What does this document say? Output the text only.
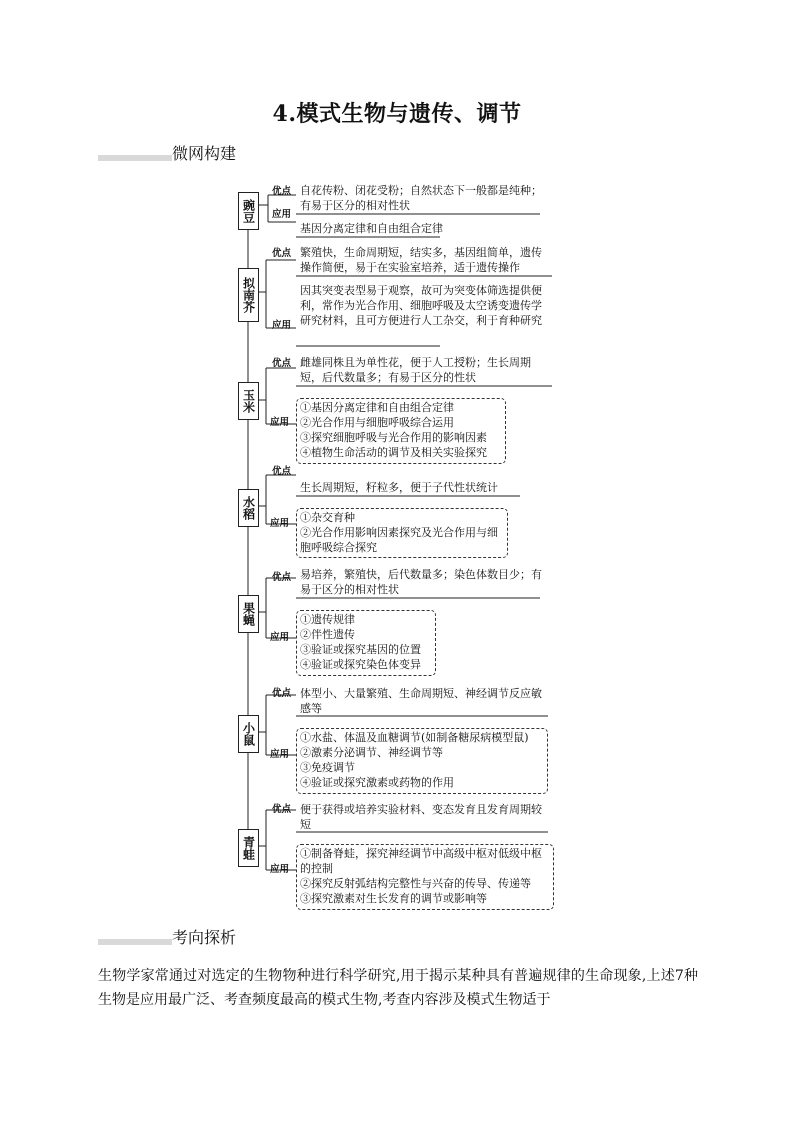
4.模式生物与遗传、调节
微网构建
豌豆
优点
应用
自花传粉、闭花受粉；自然状态下一般都是纯种；有易于区分的相对性状
基因分离定律和自由组合定律
拟南芥
优点
应用
繁殖快，生命周期短，结实多，基因组简单，遗传操作简便，易于在实验室培养，适于遗传操作
因其突变表型易于观察，故可为突变体筛选提供便利，常作为光合作用、细胞呼吸及太空诱变遗传学研究材料，且可方便进行人工杂交，利于育种研究
玉米
优点
应用
雌雄同株且为单性花，便于人工授粉；生长周期短，后代数量多；有易于区分的性状
①基因分离定律和自由组合定律
②光合作用与细胞呼吸综合运用
③探究细胞呼吸与光合作用的影响因素
④植物生命活动的调节及相关实验探究
水稻
优点
应用
生长周期短，籽粒多，便于子代性状统计
①杂交育种
②光合作用影响因素探究及光合作用与细胞呼吸综合探究
果蝇
优点
应用
易培养，繁殖快，后代数量多；染色体数目少；有易于区分的相对性状
①遗传规律
②伴性遗传
③验证或探究基因的位置
④验证或探究染色体变异
小鼠
优点
应用
体型小、大量繁殖、生命周期短、神经调节反应敏感等
①水盐、体温及血糖调节(如制备糖尿病模型鼠)
②激素分泌调节、神经调节等
③免疫调节
④验证或探究激素或药物的作用
青蛙
优点
应用
便于获得或培养实验材料、变态发育且发育周期较短
①制备脊蛙，探究神经调节中高级中枢对低级中枢的控制
②探究反射弧结构完整性与兴奋的传导、传递等
③探究激素对生长发育的调节或影响等
考向探析
生物学家常通过对选定的生物物种进行科学研究,用于揭示某种具有普遍规律的生命现象,上述7种生物是应用最广泛、考查频度最高的模式生物,考查内容涉及模式生物适于
